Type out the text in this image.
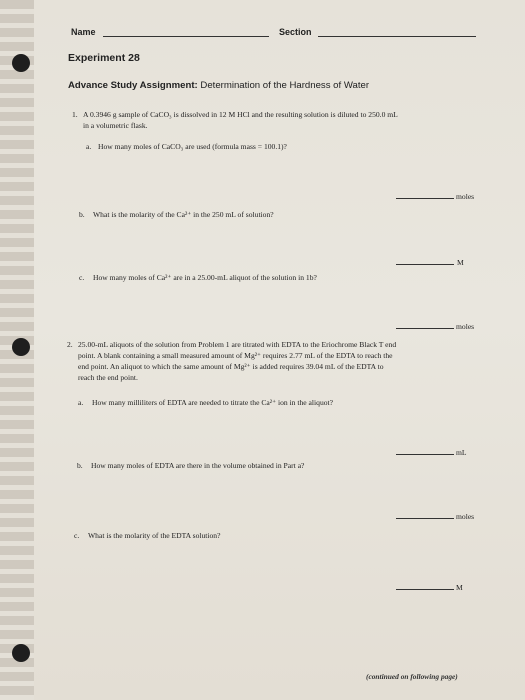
Name	Section
Experiment 28
Advance Study Assignment: Determination of the Hardness of Water
1. A 0.3946 g sample of CaCO₃ is dissolved in 12 M HCl and the resulting solution is diluted to 250.0 mL
in a volumetric flask.
a. How many moles of CaCO₃ are used (formula mass = 100.1)?
moles
b. What is the molarity of the Ca²⁺ in the 250 mL of solution?
M
c. How many moles of Ca²⁺ are in a 25.00-mL aliquot of the solution in 1b?
moles
2. 25.00-mL aliquots of the solution from Problem 1 are titrated with EDTA to the Eriochrome Black T end
point. A blank containing a small measured amount of Mg²⁺ requires 2.77 mL of the EDTA to reach the
end point. An aliquot to which the same amount of Mg²⁺ is added requires 39.04 mL of the EDTA to
reach the end point.
a. How many milliliters of EDTA are needed to titrate the Ca²⁺ ion in the aliquot?
mL
b. How many moles of EDTA are there in the volume obtained in Part a?
moles
c. What is the molarity of the EDTA solution?
M
(continued on following page)
